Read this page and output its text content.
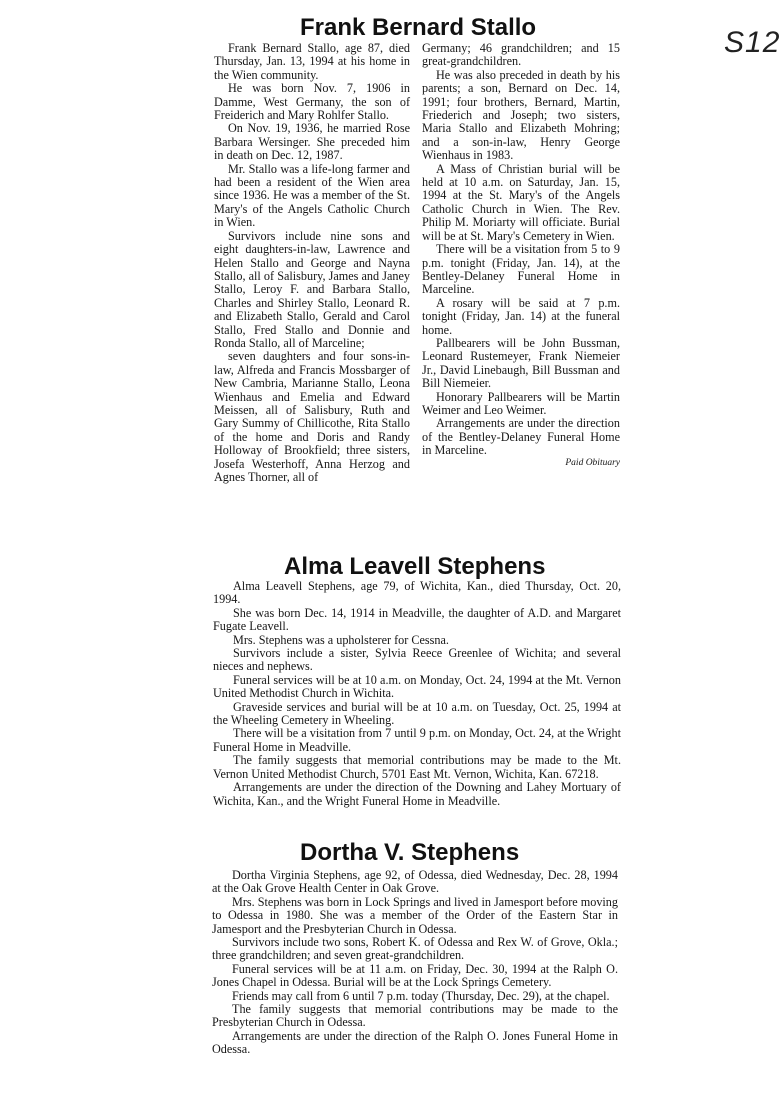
S12
Frank Bernard Stallo

Frank Bernard Stallo, age 87, died Thursday, Jan. 13, 1994 at his home in the Wien community.

He was born Nov. 7, 1906 in Damme, West Germany, the son of Freiderich and Mary Rohlfer Stallo.

On Nov. 19, 1936, he married Rose Barbara Wersinger. She preceded him in death on Dec. 12, 1987.

Mr. Stallo was a life-long farmer and had been a resident of the Wien area since 1936. He was a member of the St. Mary's of the Angels Catholic Church in Wien.

Survivors include nine sons and eight daughters-in-law, Lawrence and Helen Stallo and George and Nayna Stallo, all of Salisbury, James and Janey Stallo, Leroy F. and Barbara Stallo, Charles and Shirley Stallo, Leonard R. and Elizabeth Stallo, Gerald and Carol Stallo, Fred Stallo and Donnie and Ronda Stallo, all of Marceline;

seven daughters and four sons-in-law, Alfreda and Francis Mossbarger of New Cambria, Marianne Stallo, Leona Wienhaus and Emelia and Edward Meissen, all of Salisbury, Ruth and Gary Summy of Chillicothe, Rita Stallo of the home and Doris and Randy Holloway of Brookfield; three sisters, Josefa Westerhoff, Anna Herzog and Agnes Thorner, all of

Germany; 46 grandchildren; and 15 great-grandchildren.

He was also preceded in death by his parents; a son, Bernard on Dec. 14, 1991; four brothers, Bernard, Martin, Friederich and Joseph; two sisters, Maria Stallo and Elizabeth Mohring; and a son-in-law, Henry George Wienhaus in 1983.

A Mass of Christian burial will be held at 10 a.m. on Saturday, Jan. 15, 1994 at the St. Mary's of the Angels Catholic Church in Wien. The Rev. Philip M. Moriarty will officiate. Burial will be at St. Mary's Cemetery in Wien.

There will be a visitation from 5 to 9 p.m. tonight (Friday, Jan. 14), at the Bentley-Delaney Funeral Home in Marceline.

A rosary will be said at 7 p.m. tonight (Friday, Jan. 14) at the funeral home.

Pallbearers will be John Bussman, Leonard Rustemeyer, Frank Niemeier Jr., David Linebaugh, Bill Bussman and Bill Niemeier.

Honorary Pallbearers will be Martin Weimer and Leo Weimer.

Arrangements are under the direction of the Bentley-Delaney Funeral Home in Marceline.

Paid Obituary

Alma Leavell Stephens

Alma Leavell Stephens, age 79, of Wichita, Kan., died Thursday, Oct. 20, 1994.

She was born Dec. 14, 1914 in Meadville, the daughter of A.D. and Margaret Fugate Leavell.

Mrs. Stephens was a upholsterer for Cessna.

Survivors include a sister, Sylvia Reece Greenlee of Wichita; and several nieces and nephews.

Funeral services will be at 10 a.m. on Monday, Oct. 24, 1994 at the Mt. Vernon United Methodist Church in Wichita.

Graveside services and burial will be at 10 a.m. on Tuesday, Oct. 25, 1994 at the Wheeling Cemetery in Wheeling.

There will be a visitation from 7 until 9 p.m. on Monday, Oct. 24, at the Wright Funeral Home in Meadville.

The family suggests that memorial contributions may be made to the Mt. Vernon United Methodist Church, 5701 East Mt. Vernon, Wichita, Kan. 67218.

Arrangements are under the direction of the Downing and Lahey Mortuary of Wichita, Kan., and the Wright Funeral Home in Meadville.

Dortha V. Stephens

Dortha Virginia Stephens, age 92, of Odessa, died Wednesday, Dec. 28, 1994 at the Oak Grove Health Center in Oak Grove.

Mrs. Stephens was born in Lock Springs and lived in Jamesport before moving to Odessa in 1980. She was a member of the Order of the Eastern Star in Jamesport and the Presbyterian Church in Odessa.

Survivors include two sons, Robert K. of Odessa and Rex W. of Grove, Okla.; three grandchildren; and seven great-grandchildren.

Funeral services will be at 11 a.m. on Friday, Dec. 30, 1994 at the Ralph O. Jones Chapel in Odessa. Burial will be at the Lock Springs Cemetery.

Friends may call from 6 until 7 p.m. today (Thursday, Dec. 29), at the chapel.

The family suggests that memorial contributions may be made to the Presbyterian Church in Odessa.

Arrangements are under the direction of the Ralph O. Jones Funeral Home in Odessa.
